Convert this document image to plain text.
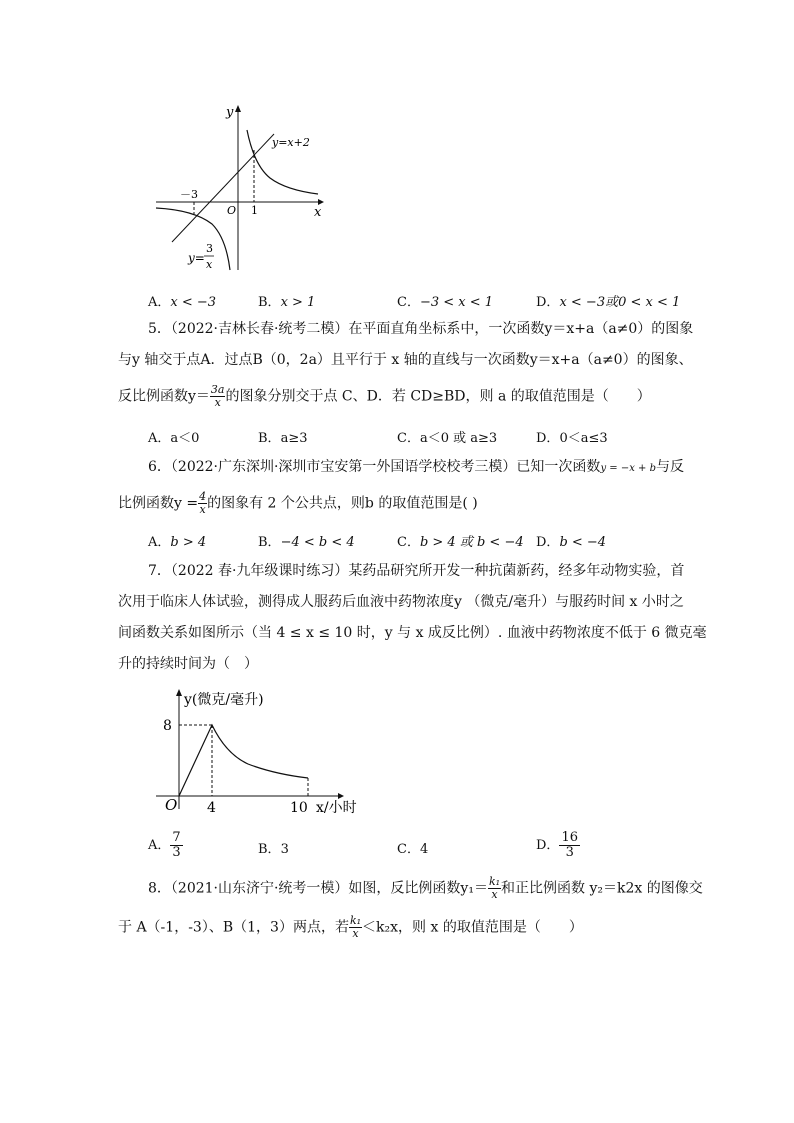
y
x
O
－3
1
y=x+2
y=
3
x
A．x < −3	B．x > 1	C．−3 < x < 1	D．x < −3或0 < x < 1
5．（2022·吉林长春·统考二模）在平面直角坐标系中，一次函数y＝x+a（a≠0）的图象
与y 轴交于点A．过点B（0，2a）且平行于 x 轴的直线与一次函数y＝x+a（a≠0）的图象、
反比例函数$y= \frac{3a}{x}$ 的图象分别交于点 C、D．若 CD≥BD，则 a 的取值范围是（　　）
A．a＜0	B．a≥3	C．a＜0 或 a≥3	D．0＜a≤3
6．（2022·广东深圳·深圳市宝安第一外国语学校校考三模）已知一次函数y = −x + b与反
比例函数$y = \frac{4}{x}$ 的图象有 2 个公共点，则b 的取值范围是( )
A．b > 4	B．−4 < b < 4	C．b > 4 或 b < −4 D．b < −4
7．（2022 春·九年级课时练习）某药品研究所开发一种抗菌新药，经多年动物实验，首
次用于临床人体试验，测得成人服药后血液中药物浓度y （微克/毫升）与服药时间 x 小时之
间函数关系如图所示（当 4 ≤ x ≤ 10 时，y 与 x 成反比例）. 血液中药物浓度不低于 6 微克毫
升的持续时间为（　）
y(微克/毫升)
x/小时
O
8
4	10
A． $\frac{7}{3}$	B．3	C．4	D． $\frac{16}{3}$
8．（2021·山东济宁·统考一模）如图，反比例函数$y_1= \frac{\text{k₁}}{x}$ 和正比例函数 y₂＝k2x 的图像交
于 A（-1，-3）、B（1，3）两点，若 $\frac{\text{k₁}}{x} <k_2x$，则 x 的取值范围是（　　）
